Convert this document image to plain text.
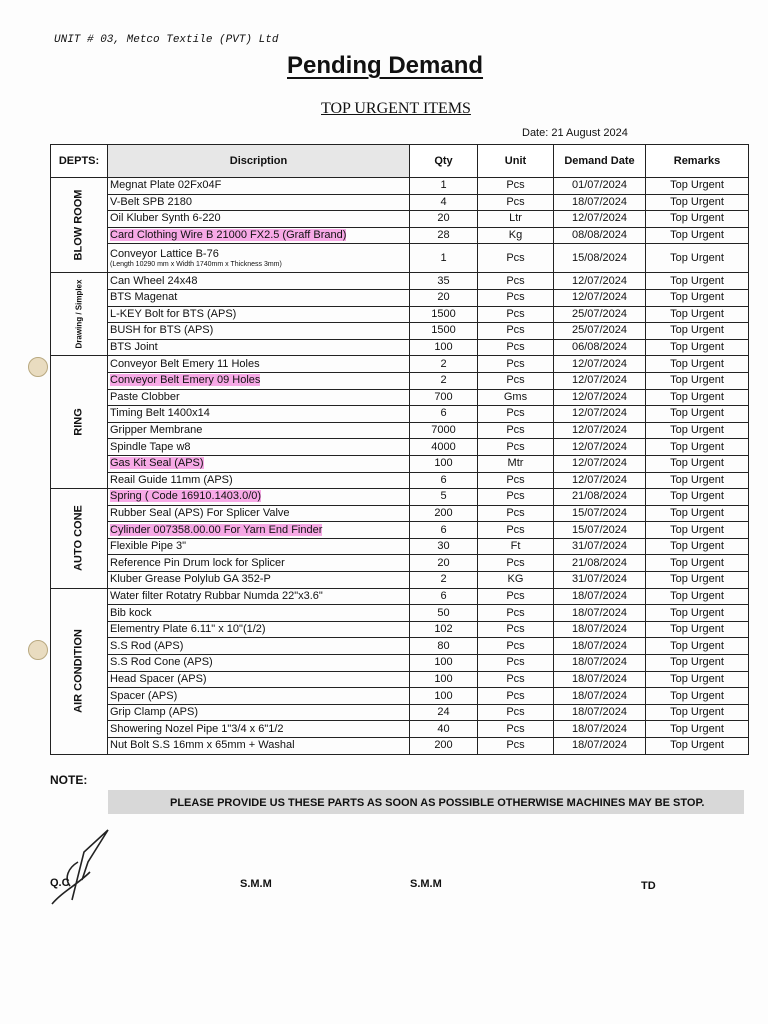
UNIT # 03, Metco Textile (PVT) Ltd
Pending Demand
TOP URGENT ITEMS
Date: 21 August 2024
DEPTS:	Discription	Qty	Unit	Demand Date	Remarks

BLOW ROOM	Megnat Plate 02Fx04F	1	Pcs	01/07/2024	Top Urgent
	V-Belt SPB 2180	4	Pcs	18/07/2024	Top Urgent
	Oil Kluber Synth 6-220	20	Ltr	12/07/2024	Top Urgent
	Card Clothing Wire B 21000 FX2.5 (Graff Brand)	28	Kg	08/08/2024	Top Urgent
	Conveyor Lattice B-76
(Length 10290 mm x Width 1740mm x Thickness 3mm)	1	Pcs	15/08/2024	Top Urgent

Drawing / Simplex	Can Wheel 24x48	35	Pcs	12/07/2024	Top Urgent
	BTS Magenat	20	Pcs	12/07/2024	Top Urgent
	L-KEY Bolt for BTS (APS)	1500	Pcs	25/07/2024	Top Urgent
	BUSH for BTS (APS)	1500	Pcs	25/07/2024	Top Urgent
	BTS Joint	100	Pcs	06/08/2024	Top Urgent

RING	Conveyor Belt Emery 11 Holes	2	Pcs	12/07/2024	Top Urgent
	Conveyor Belt Emery 09 Holes	2	Pcs	12/07/2024	Top Urgent
	Paste Clobber	700	Gms	12/07/2024	Top Urgent
	Timing Belt 1400x14	6	Pcs	12/07/2024	Top Urgent
	Gripper Membrane	7000	Pcs	12/07/2024	Top Urgent
	Spindle Tape w8	4000	Pcs	12/07/2024	Top Urgent
	Gas Kit Seal (APS)	100	Mtr	12/07/2024	Top Urgent
	Reail Guide 11mm (APS)	6	Pcs	12/07/2024	Top Urgent

AUTO CONE	Spring ( Code 16910.1403.0/0)	5	Pcs	21/08/2024	Top Urgent
	Rubber Seal (APS) For Splicer Valve	200	Pcs	15/07/2024	Top Urgent
	Cylinder 007358.00.00 For Yarn End Finder	6	Pcs	15/07/2024	Top Urgent
	Flexible Pipe 3"	30	Ft	31/07/2024	Top Urgent
	Reference Pin Drum lock for Splicer	20	Pcs	21/08/2024	Top Urgent
	Kluber Grease Polylub GA 352-P	2	KG	31/07/2024	Top Urgent

AIR CONDITION	Water filter Rotatry Rubbar Numda 22"x3.6"	6	Pcs	18/07/2024	Top Urgent
	Bib kock	50	Pcs	18/07/2024	Top Urgent
	Elementry Plate 6.11" x 10"(1/2)	102	Pcs	18/07/2024	Top Urgent
	S.S Rod (APS)	80	Pcs	18/07/2024	Top Urgent
	S.S Rod Cone (APS)	100	Pcs	18/07/2024	Top Urgent
	Head Spacer (APS)	100	Pcs	18/07/2024	Top Urgent
	Spacer (APS)	100	Pcs	18/07/2024	Top Urgent
	Grip Clamp (APS)	24	Pcs	18/07/2024	Top Urgent
	Showering Nozel Pipe 1"3/4 x 6"1/2	40	Pcs	18/07/2024	Top Urgent
	Nut Bolt S.S 16mm x 65mm + Washal	200	Pcs	18/07/2024	Top Urgent
NOTE:
PLEASE PROVIDE US THESE PARTS AS SOON AS POSSIBLE OTHERWISE MACHINES MAY BE STOP.
Q.C	S.M.M	S.M.M	TD
